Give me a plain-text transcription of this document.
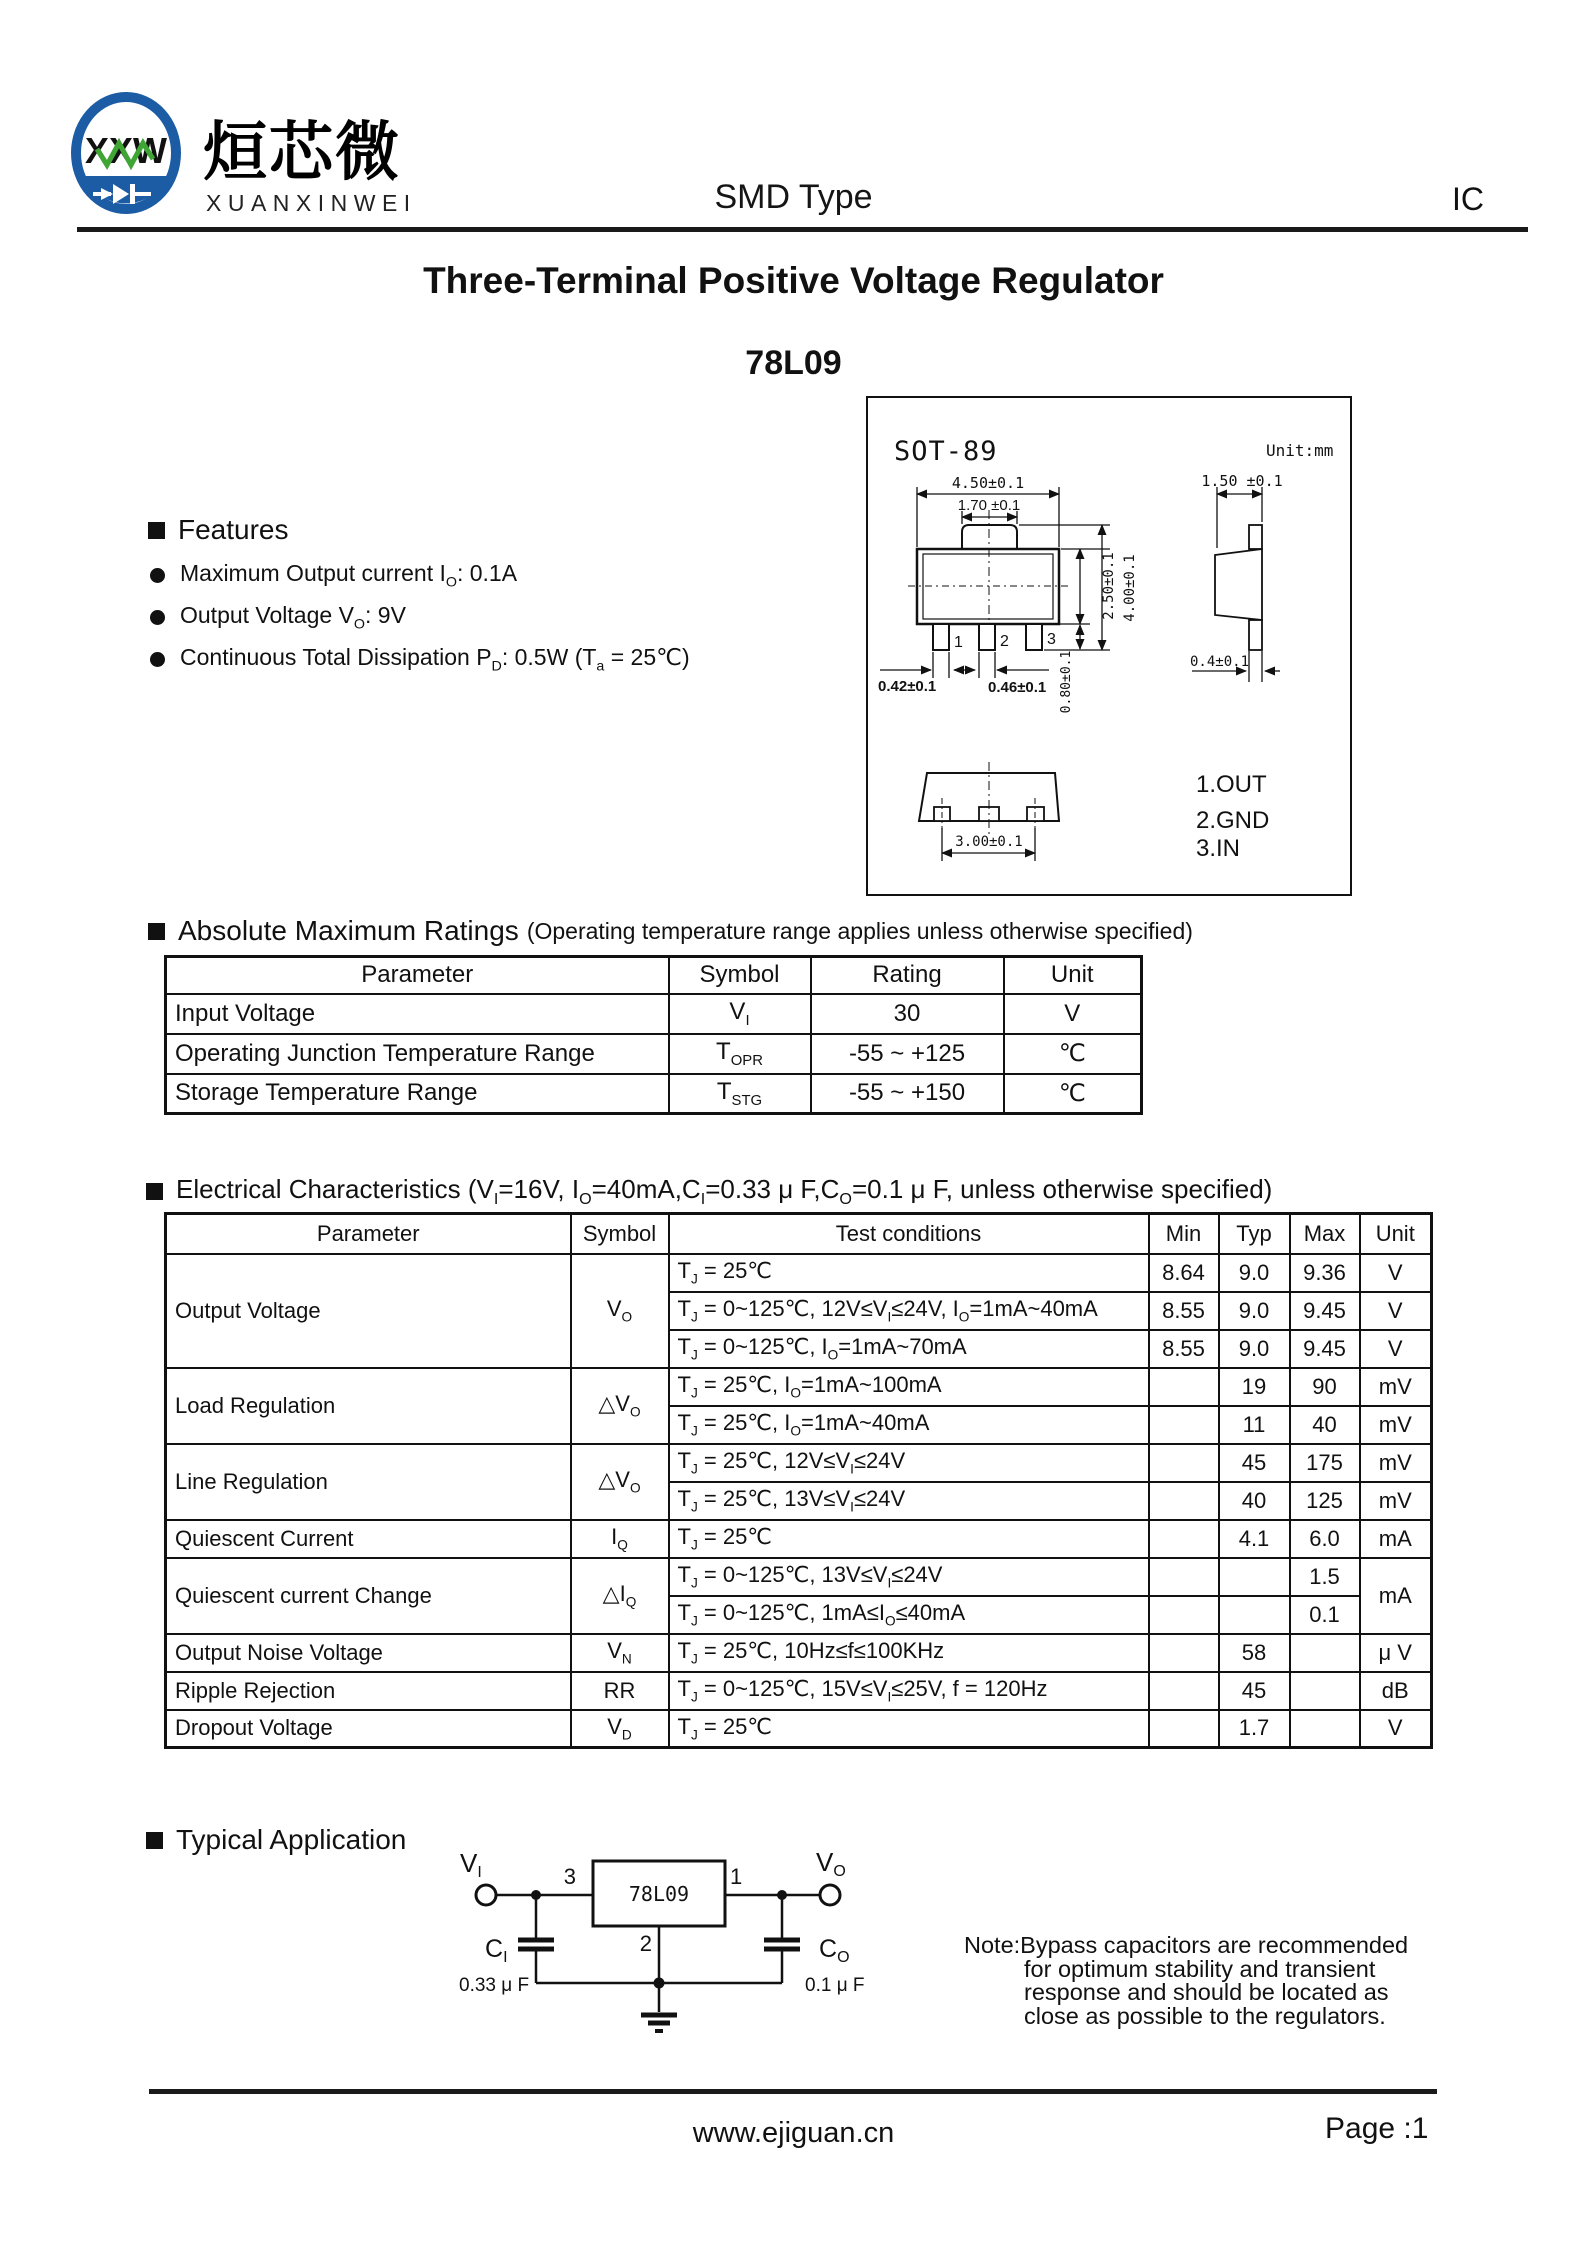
XXW 烜芯微
XUANXINWEI	SMD Type	IC
Three-Terminal Positive Voltage Regulator
78L09
SOT-89	Unit:mm
4.50±0.1
1.70 ±0.1
1 2 3
2.50±0.1 4.00±0.1
0.80±0.1
0.42±0.1	0.46±0.1
1.50 ±0.1
0.4±0.1
3.00±0.1
1.OUT
2.GND
3.IN
Features
Maximum Output current $I_O$: 0.1A
Output Voltage $V_O$: 9V
Continuous Total Dissipation $P_D$: 0.5W ($T_a$ = 25℃)
Absolute Maximum Ratings (Operating temperature range applies unless otherwise specified)
Parameter	Symbol	Rating	Unit
Input Voltage	$V_I$	30	V
Operating Junction Temperature Range	$T_{OPR}$	-55 ~ +125	℃
Storage Temperature Range	$T_{STG}$	-55 ~ +150	℃
Electrical Characteristics ($V_I=16V$, $I_O=40mA,C_I=0.33$ μ $F,C_O=0.1$ μ F, unless otherwise specified)
Parameter	Symbol	Test conditions	Min	Typ	Max	Unit
Output Voltage	$V_O$	$T_J$ = 25℃	8.64	9.0	9.36	V
		$T_J$ = 0~125℃, $12V\le V_I\le 24V$, $I_O=1mA\sim 40mA$	8.55	9.0	9.45	V
		$T_J$ = 0~125℃, $I_O=1mA\sim 70mA$	8.55	9.0	9.45	V
Load Regulation	$\triangle V_O$	$T_J$ = 25℃, $I_O=1mA\sim 100mA$		19	90	mV
		$T_J$ = 25℃, $I_O=1mA\sim 40mA$		11	40	mV
Line Regulation	$\triangle V_O$	$T_J$ = 25℃, $12V\le V_I\le 24V$		45	175	mV
		$T_J$ = 25℃, $13V\le V_I\le 24V$		40	125	mV
Quiescent Current	$I_Q$	$T_J$ = 25℃		4.1	6.0	mA
Quiescent current Change	$\triangle I_Q$	$T_J$ = 0~125℃, $13V\le V_I\le 24V$			1.5	mA
		$T_J$ = 0~125℃, $1mA\le I_O\le 40mA$			0.1	
Output Noise Voltage	$V_N$	$T_J$ = 25℃, 10Hz≤f≤100KHz		58		μ V
Ripple Rejection	RR	$T_J$ = 0~125℃, $15V\le V_I\le 25V$, f = 120Hz		45		dB
Dropout Voltage	$V_D$	$T_J$ = 25℃		1.7		V
Typical Application
78L09
3	1
2
VI	VO
$C_I$	$C_O$
0.33 μ F	0.1 μ F
Note:Bypass capacitors are recommended
for optimum stability and transient
response and should be located as
close as possible to the regulators.
www.ejiguan.cn	Page :1
